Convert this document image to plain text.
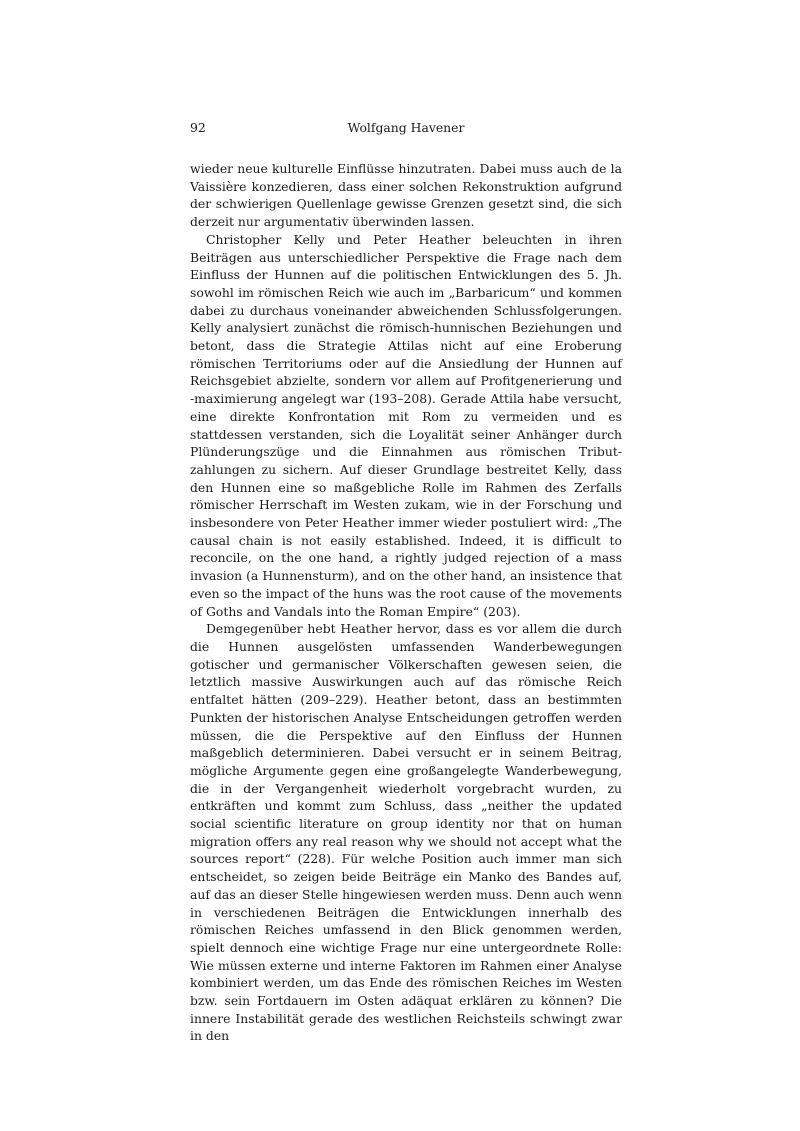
92	Wolfgang Havener

wieder neue kulturelle Einflüsse hinzutraten. Dabei muss auch de la Vaissière konzedieren, dass einer solchen Rekonstruktion aufgrund der schwierigen Quellenlage gewisse Grenzen gesetzt sind, die sich derzeit nur argumentativ überwinden lassen.

Christopher Kelly und Peter Heather beleuchten in ihren Beiträgen aus unterschiedlicher Perspektive die Frage nach dem Einfluss der Hunnen auf die politischen Entwicklungen des 5. Jh. sowohl im römischen Reich wie auch im „Barbaricum“ und kommen dabei zu durchaus voneinander abweichenden Schlussfolgerungen. Kelly analysiert zunächst die römisch-hunnischen Beziehungen und betont, dass die Strategie Attilas nicht auf eine Eroberung römischen Territoriums oder auf die Ansiedlung der Hunnen auf Reichsgebiet abzielte, sondern vor allem auf Profitgenerierung und -maximierung angelegt war (193–208). Gerade Attila habe versucht, eine direkte Konfrontation mit Rom zu vermeiden und es stattdessen verstanden, sich die Loyalität seiner Anhänger durch Plünderungszüge und die Einnahmen aus römischen Tributzahlungen zu sichern. Auf dieser Grundlage bestreitet Kelly, dass den Hunnen eine so maßgebliche Rolle im Rahmen des Zerfalls römischer Herrschaft im Westen zukam, wie in der Forschung und insbesondere von Peter Heather immer wieder postuliert wird: „The causal chain is not easily established. Indeed, it is difficult to reconcile, on the one hand, a rightly judged rejection of a mass invasion (a Hunnensturm), and on the other hand, an insistence that even so the impact of the huns was the root cause of the movements of Goths and Vandals into the Roman Empire“ (203).

Demgegenüber hebt Heather hervor, dass es vor allem die durch die Hunnen ausgelösten umfassenden Wanderbewegungen gotischer und germanischer Völkerschaften gewesen seien, die letztlich massive Auswirkungen auch auf das römische Reich entfaltet hätten (209–229). Heather betont, dass an bestimmten Punkten der historischen Analyse Entscheidungen getroffen werden müssen, die die Perspektive auf den Einfluss der Hunnen maßgeblich determinieren. Dabei versucht er in seinem Beitrag, mögliche Argumente gegen eine großangelegte Wanderbewegung, die in der Vergangenheit wiederholt vorgebracht wurden, zu entkräften und kommt zum Schluss, dass „neither the updated social scientific literature on group identity nor that on human migration offers any real reason why we should not accept what the sources report“ (228). Für welche Position auch immer man sich entscheidet, so zeigen beide Beiträge ein Manko des Bandes auf, auf das an dieser Stelle hingewiesen werden muss. Denn auch wenn in verschiedenen Beiträgen die Entwicklungen innerhalb des römischen Reiches umfassend in den Blick genommen werden, spielt dennoch eine wichtige Frage nur eine untergeordnete Rolle: Wie müssen externe und interne Faktoren im Rahmen einer Analyse kombiniert werden, um das Ende des römischen Reiches im Westen bzw. sein Fortdauern im Osten adäquat erklären zu können? Die innere Instabilität gerade des westlichen Reichsteils schwingt zwar in den
